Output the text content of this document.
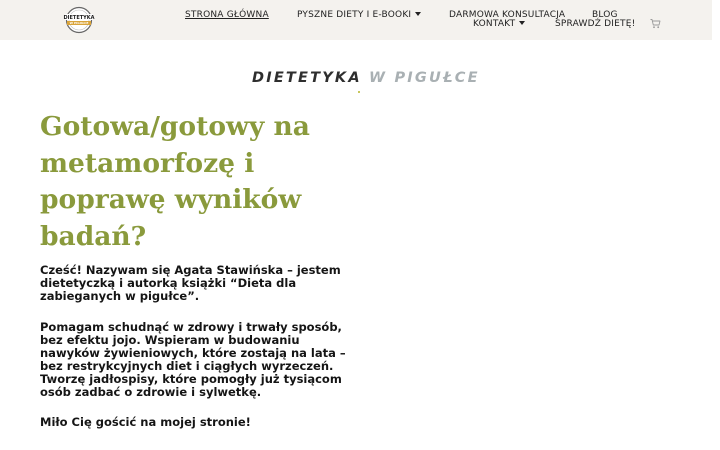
DIETETYKA
W PIGUŁCE
STRONA GŁÓWNA	PYSZNE DIETY I E-BOOKI	DARMOWA KONSULTACJA	BLOG
KONTAKT	SPRAWDŹ DIETĘ!
DIETETYKA W PIGUŁCE
Gotowa/gotowy na metamorfozę i poprawę wyników badań?

Cześć! Nazywam się Agata Stawińska – jestem dietetyczką i autorką książki “Dieta dla zabieganych w pigułce”.

Pomagam schudnąć w zdrowy i trwały sposób, bez efektu jojo. Wspieram w budowaniu nawyków żywieniowych, które zostają na lata – bez restrykcyjnych diet i ciągłych wyrzeczeń. Tworzę jadłospisy, które pomogły już tysiącom osób zadbać o zdrowie i sylwetkę.

Miło Cię gościć na mojej stronie!
